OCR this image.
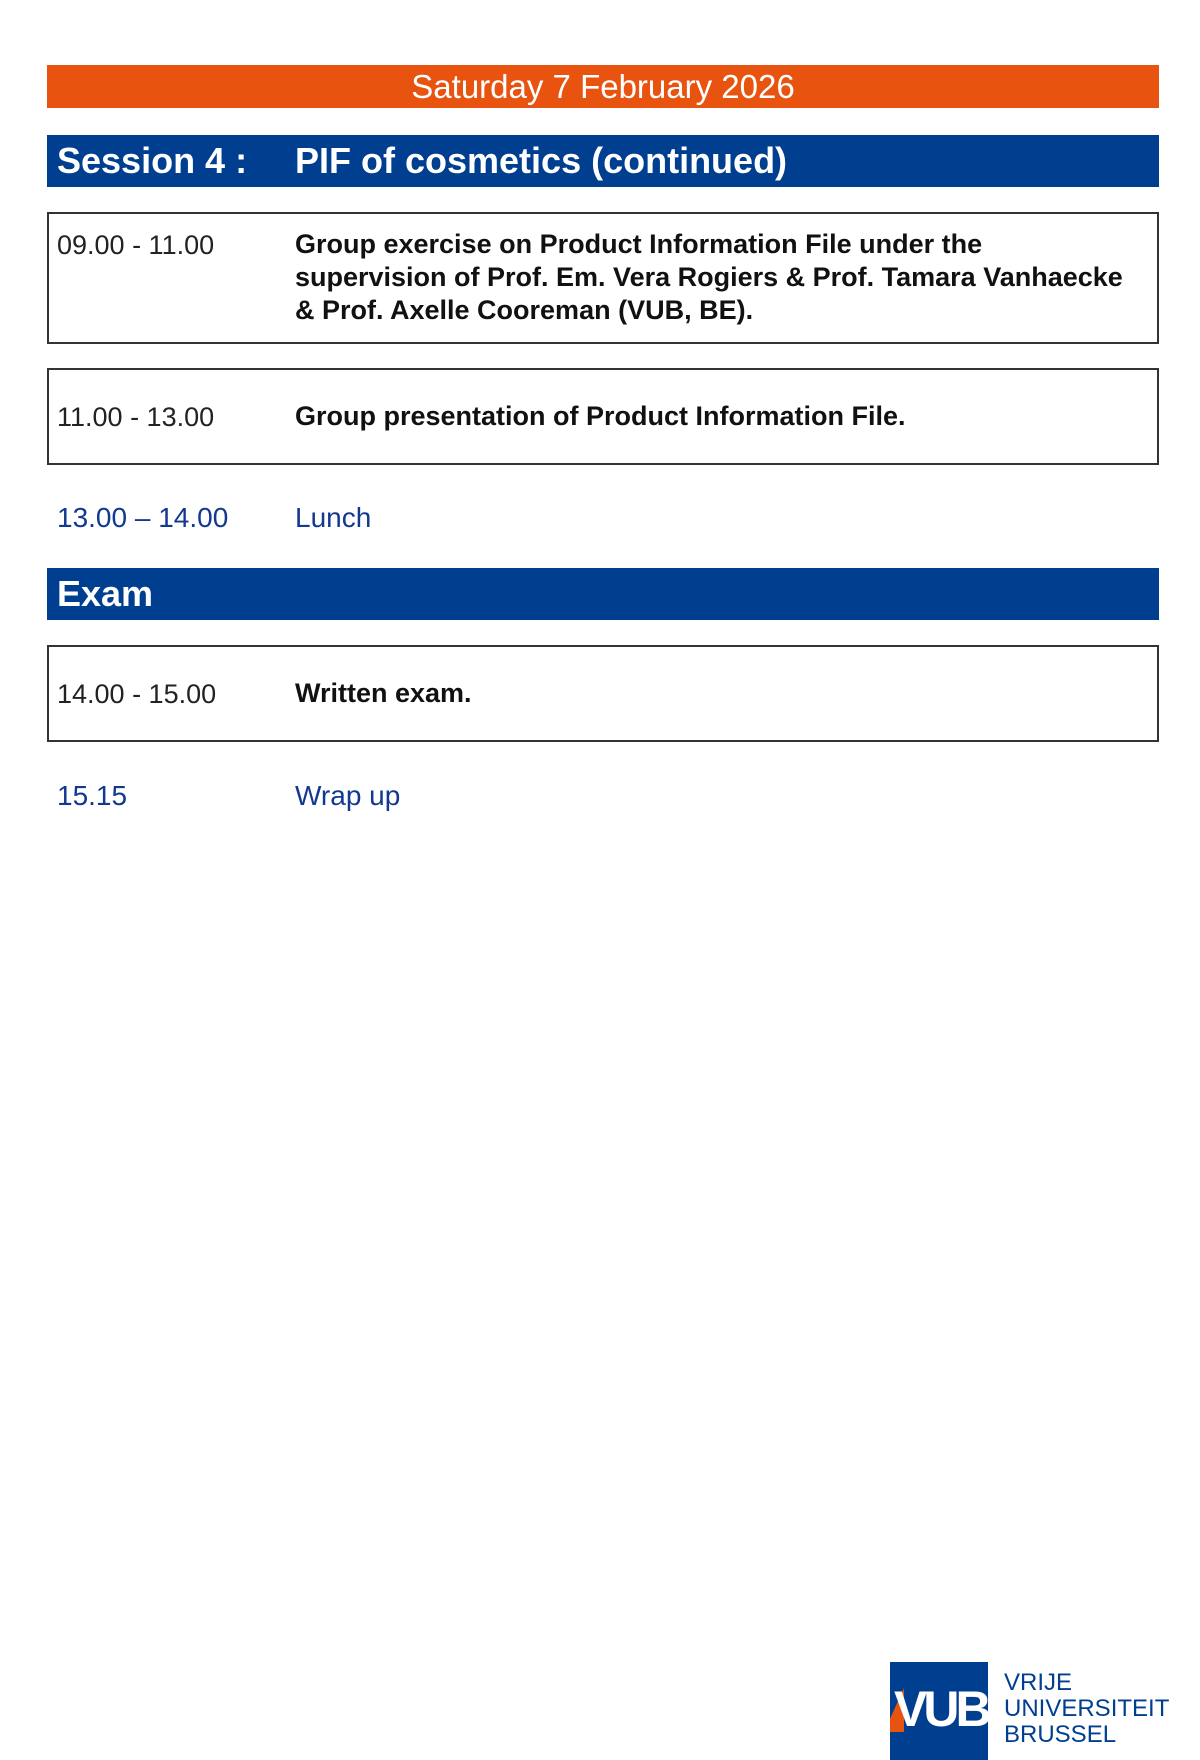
Saturday 7 February 2026
Session 4 : PIF of cosmetics (continued)
09.00 - 11.00	Group exercise on Product Information File under the supervision of Prof. Em. Vera Rogiers & Prof. Tamara Vanhaecke & Prof. Axelle Cooreman (VUB, BE).
11.00 - 13.00	Group presentation of Product Information File.
13.00 – 14.00 Lunch
Exam
14.00 - 15.00	Written exam.
15.15	Wrap up
VUB VRIJE
UNIVERSITEIT
BRUSSEL
